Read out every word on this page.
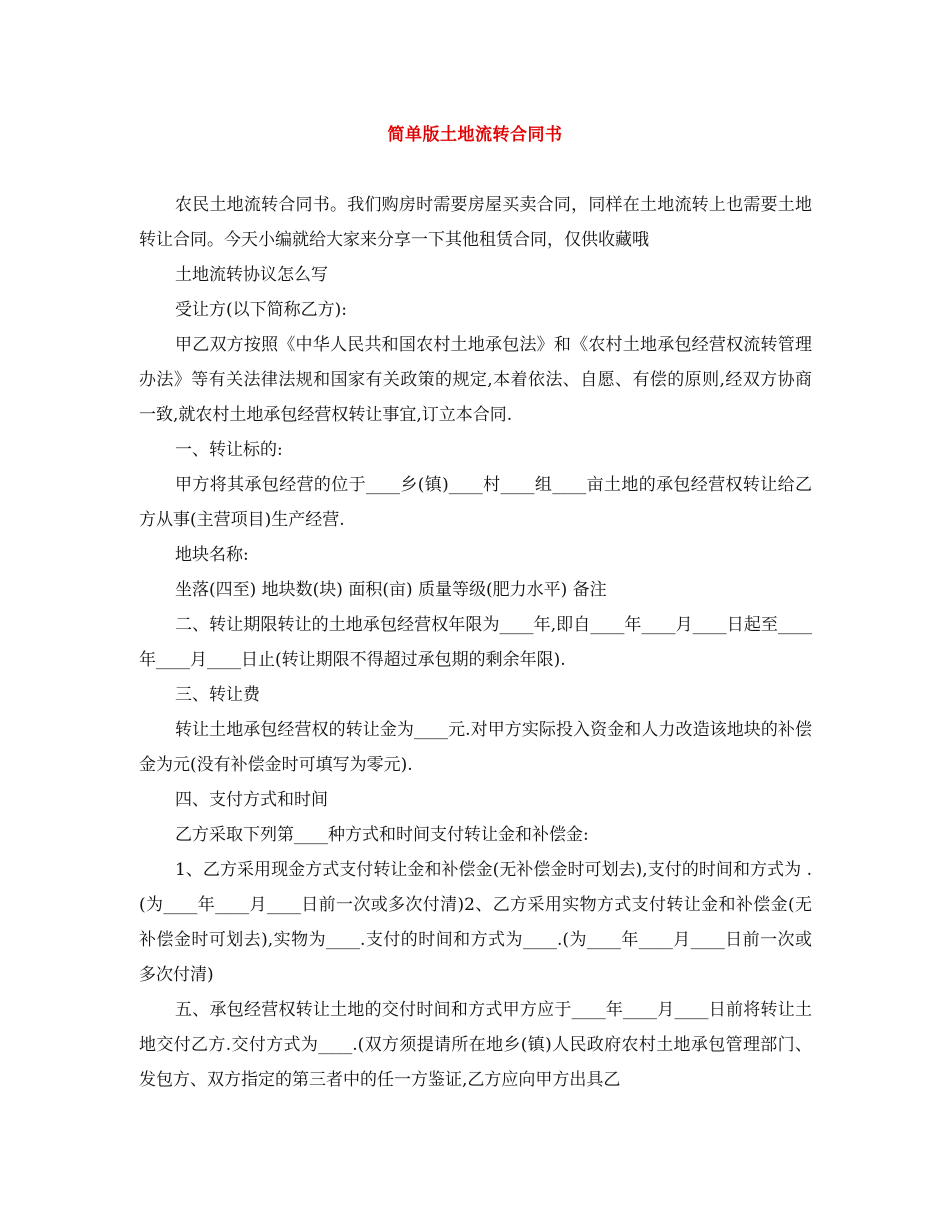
简单版土地流转合同书

农民土地流转合同书。我们购房时需要房屋买卖合同，同样在土地流转上也需要土地转让合同。今天小编就给大家来分享一下其他租赁合同，仅供收藏哦

土地流转协议怎么写

受让方(以下简称乙方):

甲乙双方按照《中华人民共和国农村土地承包法》和《农村土地承包经营权流转管理办法》等有关法律法规和国家有关政策的规定,本着依法、自愿、有偿的原则,经双方协商一致,就农村土地承包经营权转让事宜,订立本合同.

一、转让标的:

甲方将其承包经营的位于____乡(镇)____村____组____亩土地的承包经营权转让给乙方从事(主营项目)生产经营.

地块名称:

坐落(四至) 地块数(块) 面积(亩) 质量等级(肥力水平) 备注

二、转让期限转让的土地承包经营权年限为____年,即自____年____月____日起至____年____月____日止(转让期限不得超过承包期的剩余年限).

三、转让费

转让土地承包经营权的转让金为____元.对甲方实际投入资金和人力改造该地块的补偿金为元(没有补偿金时可填写为零元).

四、支付方式和时间

乙方采取下列第____种方式和时间支付转让金和补偿金:

1、乙方采用现金方式支付转让金和补偿金(无补偿金时可划去),支付的时间和方式为 .(为____年____月____日前一次或多次付清)2、乙方采用实物方式支付转让金和补偿金(无补偿金时可划去),实物为____.支付的时间和方式为____.(为____年____月____日前一次或多次付清)

五、承包经营权转让土地的交付时间和方式甲方应于____年____月____日前将转让土地交付乙方.交付方式为____.(双方须提请所在地乡(镇)人民政府农村土地承包管理部门、发包方、双方指定的第三者中的任一方鉴证,乙方应向甲方出具乙
